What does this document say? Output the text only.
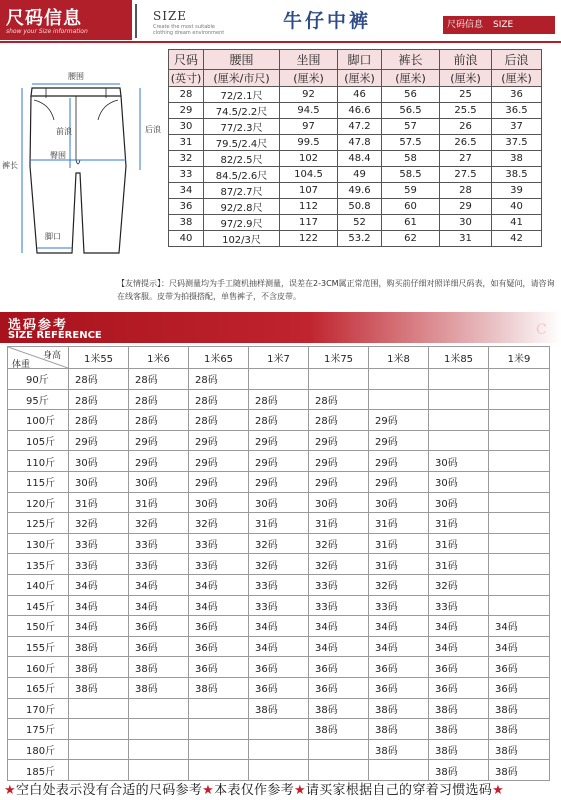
尺码信息
show your Size information
SIZE
Create the most suitable clothing dream environment
牛仔中裤	尺码信息 SIZE
腰围
前浪	后浪
裤长
臀围
脚口
尺码	腰围	坐围	脚口	裤长	前浪	后浪
(英寸)	(厘米/市尺)	(厘米)	(厘米)	(厘米)	(厘米)	(厘米)
28	72/2.1尺	92	46	56	25	36
29	74.5/2.2尺	94.5	46.6	56.5	25.5	36.5
30	77/2.3尺	97	47.2	57	26	37
31	79.5/2.4尺	99.5	47.8	57.5	26.5	37.5
32	82/2.5尺	102	48.4	58	27	38
33	84.5/2.6尺	104.5	49	58.5	27.5	38.5
34	87/2.7尺	107	49.6	59	28	39
36	92/2.8尺	112	50.8	60	29	40
38	97/2.9尺	117	52	61	30	41
40	102/3尺	122	53.2	62	31	42
【友情提示】：尺码测量均为手工随机抽样测量，误差在2-3CM属正常范围，购买前仔细对照详细尺码表，如有疑问，请咨询在线客服。皮带为拍摄搭配，单售裤子，不含皮带。
选码参考
SIZE REFERENCE	C
体重
身高	1米55	1米6	1米65	1米7	1米75	1米8	1米85	1米9
90斤	28码	28码	28码					
95斤	28码	28码	28码	28码	28码			
100斤	28码	28码	28码	28码	28码	29码		
105斤	29码	29码	29码	29码	29码	29码		
110斤	30码	29码	29码	29码	29码	29码	30码	
115斤	30码	30码	29码	29码	29码	29码	30码	
120斤	31码	31码	30码	30码	30码	30码	30码	
125斤	32码	32码	32码	31码	31码	31码	31码	
130斤	33码	33码	33码	32码	32码	31码	31码	
135斤	33码	33码	33码	32码	32码	31码	31码	
140斤	34码	34码	34码	33码	33码	32码	32码	
145斤	34码	34码	34码	33码	33码	33码	33码	
150斤	34码	36码	36码	34码	34码	34码	34码	34码
155斤	38码	36码	36码	34码	34码	34码	34码	34码
160斤	38码	38码	36码	36码	36码	36码	36码	36码
165斤	38码	38码	38码	36码	36码	36码	36码	36码
170斤				38码	38码	38码	38码	38码
175斤					38码	38码	38码	38码
180斤						38码	38码	38码
185斤							38码	38码
★空白处表示没有合适的尺码参考★本表仅作参考★请买家根据自己的穿着习惯选码★
